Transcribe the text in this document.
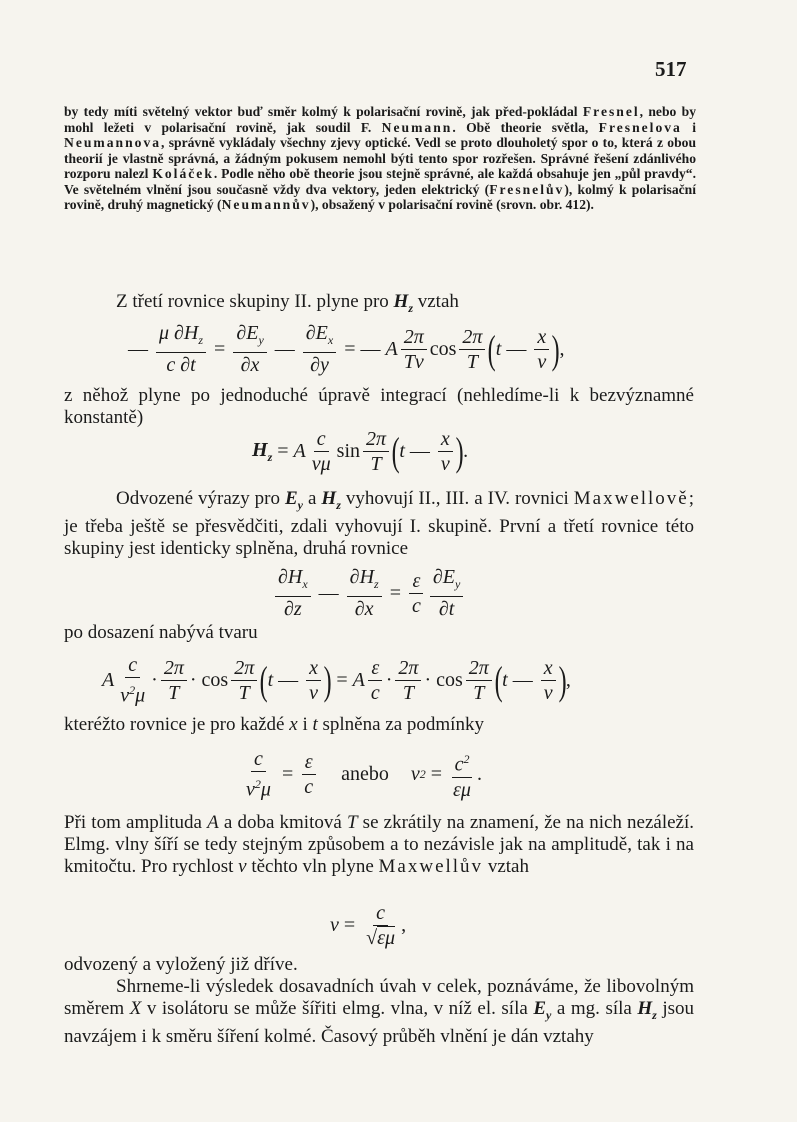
517
by tedy míti světelný vektor buď směr kolmý k polarisační rovině, jak před-pokládal Fresnel, nebo by mohl ležeti v polarisační rovině, jak soudil F. Neumann. Obě theorie světla, Fresnelova i Neumannova, správně vykládaly všechny zjevy optické. Vedl se proto dlouholetý spor o to, která z obou theorií je vlastně správná, a žádným pokusem nemohl býti tento spor rozřešen. Správné řešení zdánlivého rozporu nalezl Koláček. Podle něho obě theorie jsou stejně správné, ale každá obsahuje jen „půl pravdy“. Ve světelném vlnění jsou současně vždy dva vektory, jeden elektrický (Fresnelův), kolmý k polarisační rovině, druhý magnetický (Neumannův), obsažený v polarisační rovině (srovn. obr. 412).
Z třetí rovnice skupiny II. plyne pro $H_z$ vztah
— $\frac{\mu \partial H_z}{c \partial t} = \frac{\partial E_y}{\partial x}$ — $\frac{\partial E_x}{\partial y}$ = — A $\frac{2\pi}{Tv}$ $\cos \frac{2\pi}{T}$ ( t — $\frac{x}{v}$ ) ,
z něhož plyne po jednoduché úpravě integrací (nehledíme-li k bezvýznamné konstantě)
$H_z = A \frac{c}{v\mu}$ $\sin \frac{2\pi}{T}$ ( t — $\frac{x}{v}$ ) .
Odvozené výrazy pro $E_y$ a $H_z$ vyhovují II., III. a IV. rovnici Maxwellově; je třeba ještě se přesvědčiti, zdali vyhovují I. skupině. První a třetí rovnice této skupiny jest identicky splněna, druhá rovnice
$\frac{\partial H_x}{\partial z}$ — $\frac{\partial H_z}{\partial x} = \frac{\varepsilon}{c} \frac{\partial E_y}{\partial t}$
po dosazení nabývá tvaru
A $\frac{c}{v^2\mu} \cdot \frac{2\pi}{T} \cdot \cos \frac{2\pi}{T}$ ( t — $\frac{x}{v}$ ) = A $\frac{\varepsilon}{c} \cdot \frac{2\pi}{T} \cdot \cos \frac{2\pi}{T}$ ( t — $\frac{x}{v}$ ) ,
kteréžto rovnice je pro každé x i t splněna za podmínky
$\frac{c}{v^2\mu} = \frac{\varepsilon}{c}$ anebo v $2 = \frac{c^2}{\varepsilon\mu}$ .
Při tom amplituda A a doba kmitová T se zkrátily na znamení, že na nich nezáleží. Elmg. vlny šíří se tedy stejným způsobem a to nezávisle jak na amplitudě, tak i na kmitočtu. Pro rychlost v těchto vln plyne Maxwellův vztah
$v = \frac{c}{√\varepsilon\mu}$ ,
odvozený a vyložený již dříve.
Shrneme-li výsledek dosavadních úvah v celek, poznáváme, že libovolným směrem X v isolátoru se může šířiti elmg. vlna, v níž el. síla $E_y$ a mg. síla $H_z$ jsou navzájem i k směru šíření kolmé. Časový průběh vlnění je dán vztahy
